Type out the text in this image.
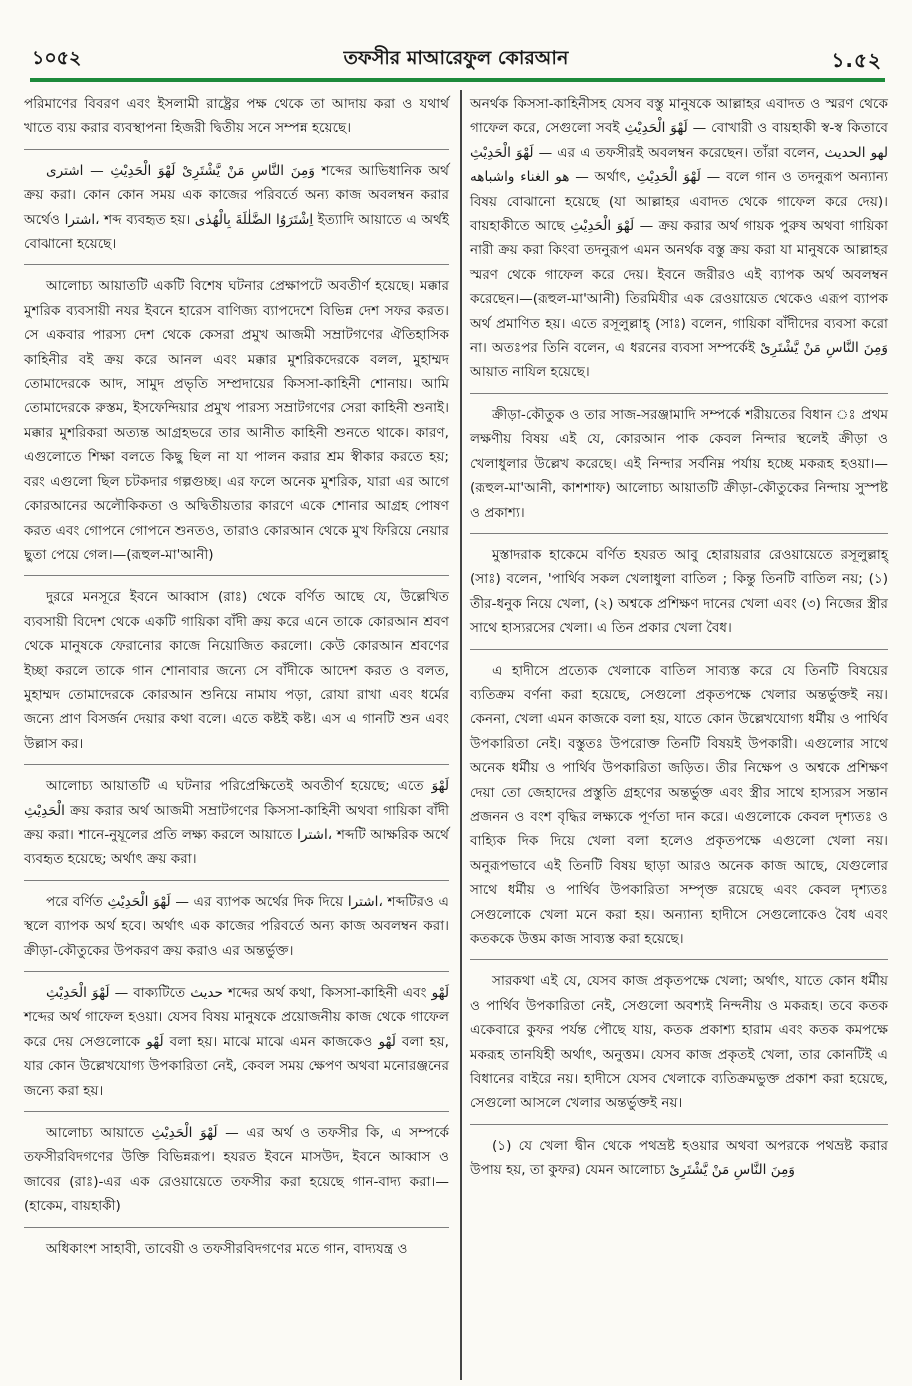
১০৫২	তফসীর মাআরেফুল কোরআন	১.৫২

পরিমাণের বিবরণ এবং ইসলামী রাষ্ট্রের পক্ষ থেকে তা আদায় করা ও যথার্থ খাতে ব্যয় করার ব্যবস্থাপনা হিজরী দ্বিতীয় সনে সম্পন্ন হয়েছে।

وَمِنَ النَّاسِ مَنْ يَّشْتَرِىْ لَهْوَ الْحَدِيْثِ — اشترى শব্দের আভিধানিক অর্থ ক্রয় করা। কোন কোন সময় এক কাজের পরিবর্তে অন্য কাজ অবলম্বন করার অর্থেও اشترا، শব্দ ব্যবহৃত হয়। اِشْتَرَوُا الضَّلٰلَةَ بِالْهُدٰى ইত্যাদি আয়াতে এ অর্থই বোঝানো হয়েছে।

আলোচ্য আয়াতটি একটি বিশেষ ঘটনার প্রেক্ষাপটে অবতীর্ণ হয়েছে। মক্কার মুশরিক ব্যবসায়ী নযর ইবনে হারেস বাণিজ্য ব্যাপদেশে বিভিন্ন দেশ সফর করত। সে একবার পারস্য দেশ থেকে কেসরা প্রমুখ আজমী সম্রাটগণের ঐতিহাসিক কাহিনীর বই ক্রয় করে আনল এবং মক্কার মুশরিকদেরকে বলল, মুহাম্মদ তোমাদেরকে আদ, সামুদ প্রভৃতি সম্প্রদায়ের কিসসা-কাহিনী শোনায়। আমি তোমাদেরকে রুস্তম, ইসফেন্দিয়ার প্রমুখ পারস্য সম্রাটগণের সেরা কাহিনী শুনাই। মক্কার মুশরিকরা অত্যন্ত আগ্রহভরে তার আনীত কাহিনী শুনতে থাকে। কারণ, এগুলোতে শিক্ষা বলতে কিছু ছিল না যা পালন করার শ্রম স্বীকার করতে হয়; বরং এগুলো ছিল চটকদার গল্পগুচ্ছ। এর ফলে অনেক মুশরিক, যারা এর আগে কোরআনের অলৌকিকতা ও অদ্বিতীয়তার কারণে একে শোনার আগ্রহ পোষণ করত এবং গোপনে গোপনে শুনতও, তারাও কোরআন থেকে মুখ ফিরিয়ে নেয়ার ছুতা পেয়ে গেল।—(রূহুল-মা'আনী)

দুররে মনসূরে ইবনে আব্বাস (রাঃ) থেকে বর্ণিত আছে যে, উল্লেখিত ব্যবসায়ী বিদেশ থেকে একটি গায়িকা বাঁদী ক্রয় করে এনে তাকে কোরআন শ্রবণ থেকে মানুষকে ফেরানোর কাজে নিয়োজিত করলো। কেউ কোরআন শ্রবণের ইচ্ছা করলে তাকে গান শোনাবার জন্যে সে বাঁদীকে আদেশ করত ও বলত, মুহাম্মদ তোমাদেরকে কোরআন শুনিয়ে নামায পড়া, রোযা রাখা এবং ধর্মের জন্যে প্রাণ বিসর্জন দেয়ার কথা বলে। এতে কষ্টই কষ্ট। এস এ গানটি শুন এবং উল্লাস কর।

আলোচ্য আয়াতটি এ ঘটনার পরিপ্রেক্ষিতেই অবতীর্ণ হয়েছে; এতে لَهْوَ الْحَدِيْثِ ক্রয় করার অর্থ আজমী সম্রাটগণের কিসসা-কাহিনী অথবা গায়িকা বাঁদী ক্রয় করা। শানে-নুযূলের প্রতি লক্ষ্য করলে আয়াতে اشترا، শব্দটি আক্ষরিক অর্থে ব্যবহৃত হয়েছে; অর্থাৎ ক্রয় করা।

পরে বর্ণিত لَهْوَ الْحَدِيْثِ — এর ব্যাপক অর্থের দিক দিয়ে اشترا، শব্দটিরও এ স্থলে ব্যাপক অর্থ হবে। অর্থাৎ এক কাজের পরিবর্তে অন্য কাজ অবলম্বন করা। ক্রীড়া-কৌতুকের উপকরণ ক্রয় করাও এর অন্তর্ভুক্ত।

لَهْوَ الْحَدِيْثِ — বাক্যটিতে حديث শব্দের অর্থ কথা, কিসসা-কাহিনী এবং لَهْو শব্দের অর্থ গাফেল হওয়া। যেসব বিষয় মানুষকে প্রয়োজনীয় কাজ থেকে গাফেল করে দেয় সেগুলোকে لَهْو বলা হয়। মাঝে মাঝে এমন কাজকেও لَهْو বলা হয়, যার কোন উল্লেখযোগ্য উপকারিতা নেই, কেবল সময় ক্ষেপণ অথবা মনোরঞ্জনের জন্যে করা হয়।

আলোচ্য আয়াতে لَهْوَ الْحَدِيْثِ — এর অর্থ ও তফসীর কি, এ সম্পর্কে তফসীরবিদগণের উক্তি বিভিন্নরূপ। হযরত ইবনে মাসউদ, ইবনে আব্বাস ও জাবের (রাঃ)-এর এক রেওয়ায়েতে তফসীর করা হয়েছে গান-বাদ্য করা।— (হাকেম, বায়হাকী)

অধিকাংশ সাহাবী, তাবেয়ী ও তফসীরবিদগণের মতে গান, বাদ্যযন্ত্র ও

অনর্থক কিসসা-কাহিনীসহ যেসব বস্তু মানুষকে আল্লাহর এবাদত ও স্মরণ থেকে গাফেল করে, সেগুলো সবই لَهْوَ الْحَدِيْثِ — বোখারী ও বায়হাকী স্ব-স্ব কিতাবে لَهْوَ الْحَدِيْثِ — এর এ তফসীরই অবলম্বন করেছেন। তাঁরা বলেন, لهو الحديث هو الغناء واشباهه — অর্থাৎ, لَهْوَ الْحَدِيْثِ — বলে গান ও তদনুরূপ অন্যান্য বিষয় বোঝানো হয়েছে (যা আল্লাহর এবাদত থেকে গাফেল করে দেয়)। বায়হাকীতে আছে لَهْوَ الْحَدِيْثِ — ক্রয় করার অর্থ গায়ক পুরুষ অথবা গায়িকা নারী ক্রয় করা কিংবা তদনুরূপ এমন অনর্থক বস্তু ক্রয় করা যা মানুষকে আল্লাহর স্মরণ থেকে গাফেল করে দেয়। ইবনে জরীরও এই ব্যাপক অর্থ অবলম্বন করেছেন।—(রূহুল-মা'আনী) তিরমিযীর এক রেওয়ায়েত থেকেও এরূপ ব্যাপক অর্থ প্রমাণিত হয়। এতে রসূলুল্লাহ্ (সাঃ) বলেন, গায়িকা বাঁদীদের ব্যবসা করো না। অতঃপর তিনি বলেন, এ ধরনের ব্যবসা সম্পর্কেই وَمِنَ النَّاسِ مَنْ يَّشْتَرِىْ আয়াত নাযিল হয়েছে।

ক্রীড়া-কৌতুক ও তার সাজ-সরঞ্জামাদি সম্পর্কে শরীয়তের বিধান ঃ প্রথম লক্ষণীয় বিষয় এই যে, কোরআন পাক কেবল নিন্দার স্থলেই ক্রীড়া ও খেলাধুলার উল্লেখ করেছে। এই নিন্দার সর্বনিম্ন পর্যায় হচ্ছে মকরূহ হওয়া।—(রূহুল-মা'আনী, কাশশাফ) আলোচ্য আয়াতটি ক্রীড়া-কৌতুকের নিন্দায় সুস্পষ্ট ও প্রকাশ্য।

মুস্তাদরাক হাকেমে বর্ণিত হযরত আবু হোরায়রার রেওয়ায়েতে রসূলুল্লাহ্ (সাঃ) বলেন, 'পার্থিব সকল খেলাধুলা বাতিল ; কিন্তু তিনটি বাতিল নয়; (১) তীর-ধনুক নিয়ে খেলা, (২) অশ্বকে প্রশিক্ষণ দানের খেলা এবং (৩) নিজের স্ত্রীর সাথে হাস্যরসের খেলা। এ তিন প্রকার খেলা বৈধ।

এ হাদীসে প্রত্যেক খেলাকে বাতিল সাব্যস্ত করে যে তিনটি বিষয়ের ব্যতিক্রম বর্ণনা করা হয়েছে, সেগুলো প্রকৃতপক্ষে খেলার অন্তর্ভুক্তই নয়। কেননা, খেলা এমন কাজকে বলা হয়, যাতে কোন উল্লেখযোগ্য ধর্মীয় ও পার্থিব উপকারিতা নেই। বস্তুতঃ উপরোক্ত তিনটি বিষয়ই উপকারী। এগুলোর সাথে অনেক ধর্মীয় ও পার্থিব উপকারিতা জড়িত। তীর নিক্ষেপ ও অশ্বকে প্রশিক্ষণ দেয়া তো জেহাদের প্রস্তুতি গ্রহণের অন্তর্ভুক্ত এবং স্ত্রীর সাথে হাস্যরস সন্তান প্রজনন ও বংশ বৃদ্ধির লক্ষ্যকে পূর্ণতা দান করে। এগুলোকে কেবল দৃশ্যতঃ ও বাহ্যিক দিক দিয়ে খেলা বলা হলেও প্রকৃতপক্ষে এগুলো খেলা নয়। অনুরূপভাবে এই তিনটি বিষয় ছাড়া আরও অনেক কাজ আছে, যেগুলোর সাথে ধর্মীয় ও পার্থিব উপকারিতা সম্পৃক্ত রয়েছে এবং কেবল দৃশ্যতঃ সেগুলোকে খেলা মনে করা হয়। অন্যান্য হাদীসে সেগুলোকেও বৈধ এবং কতককে উত্তম কাজ সাব্যস্ত করা হয়েছে।

সারকথা এই যে, যেসব কাজ প্রকৃতপক্ষে খেলা; অর্থাৎ, যাতে কোন ধর্মীয় ও পার্থিব উপকারিতা নেই, সেগুলো অবশ্যই নিন্দনীয় ও মকরূহ। তবে কতক একেবারে কুফর পর্যন্ত পৌছে যায়, কতক প্রকাশ্য হারাম এবং কতক কমপক্ষে মকরূহ তানযিহী অর্থাৎ, অনুত্তম। যেসব কাজ প্রকৃতই খেলা, তার কোনটিই এ বিধানের বাইরে নয়। হাদীসে যেসব খেলাকে ব্যতিক্রমভুক্ত প্রকাশ করা হয়েছে, সেগুলো আসলে খেলার অন্তর্ভুক্তই নয়।

(১) যে খেলা দ্বীন থেকে পথভ্রষ্ট হওয়ার অথবা অপরকে পথভ্রষ্ট করার উপায় হয়, তা কুফর) যেমন আলোচ্য وَمِنَ النَّاسِ مَنْ يَّشْتَرِىْ
